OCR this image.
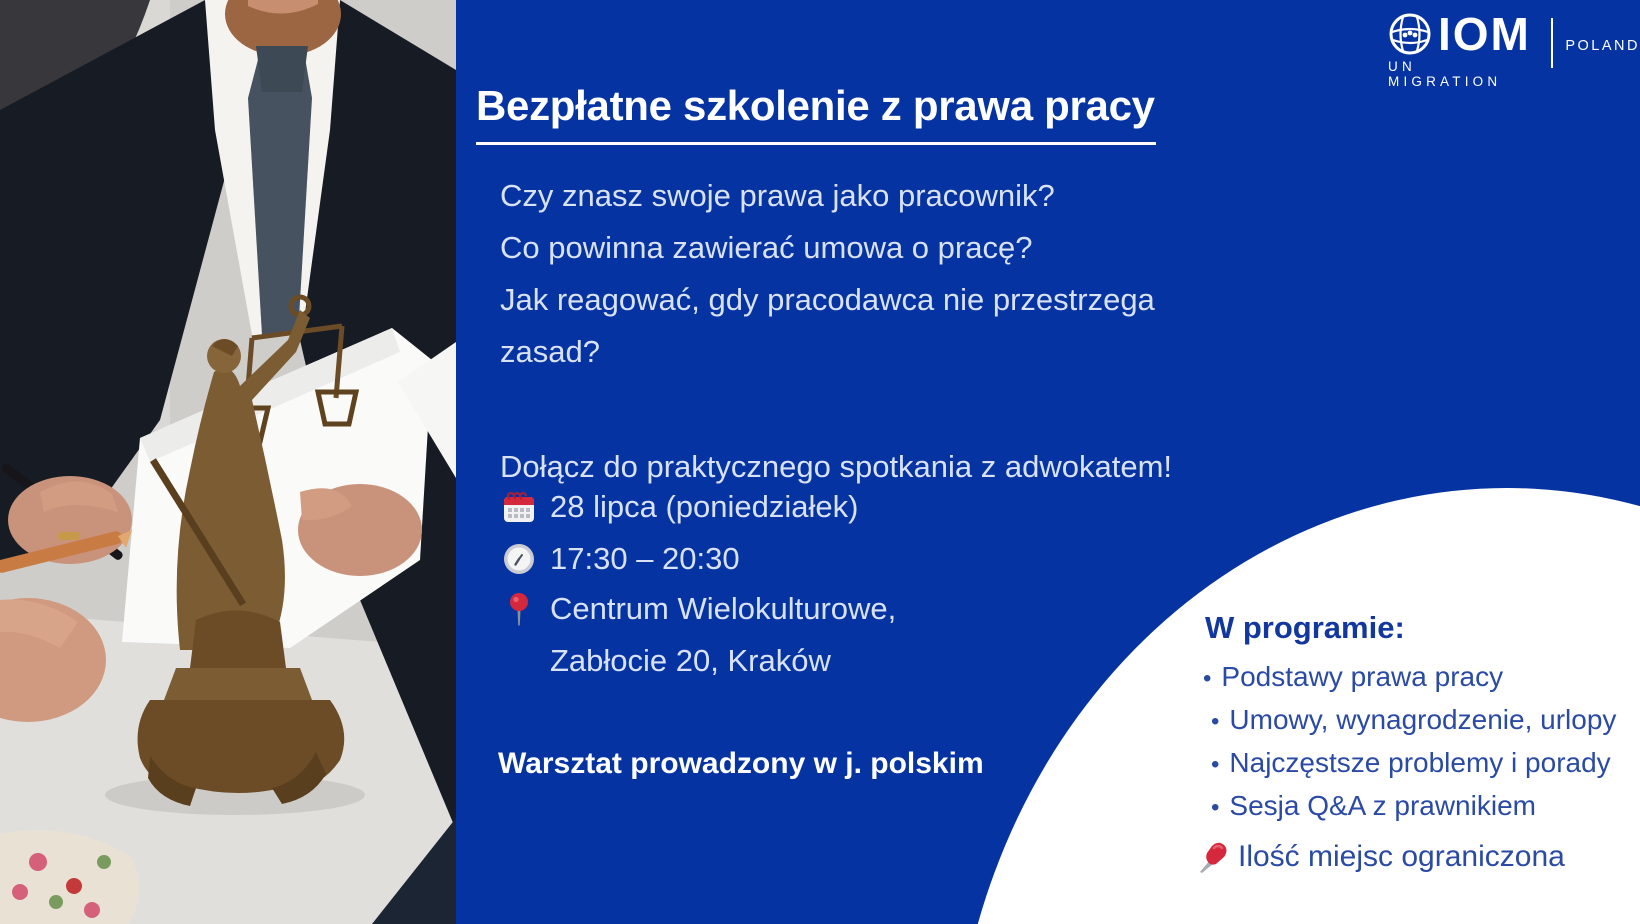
IOM
UN MIGRATION
POLAND
Bezpłatne szkolenie z prawa pracy
Czy znasz swoje prawa jako pracownik?
Co powinna zawierać umowa o pracę?
Jak reagować, gdy pracodawca nie przestrzega
zasad?
Dołącz do praktycznego spotkania z adwokatem!
28 lipca (poniedziałek)
17:30 – 20:30
Centrum Wielokulturowe,
Zabłocie 20, Kraków
Warsztat prowadzony w j. polskim
W programie:
• Podstawy prawa pracy
• Umowy, wynagrodzenie, urlopy
• Najczęstsze problemy i porady
• Sesja Q&A z prawnikiem
Ilość miejsc ograniczona
